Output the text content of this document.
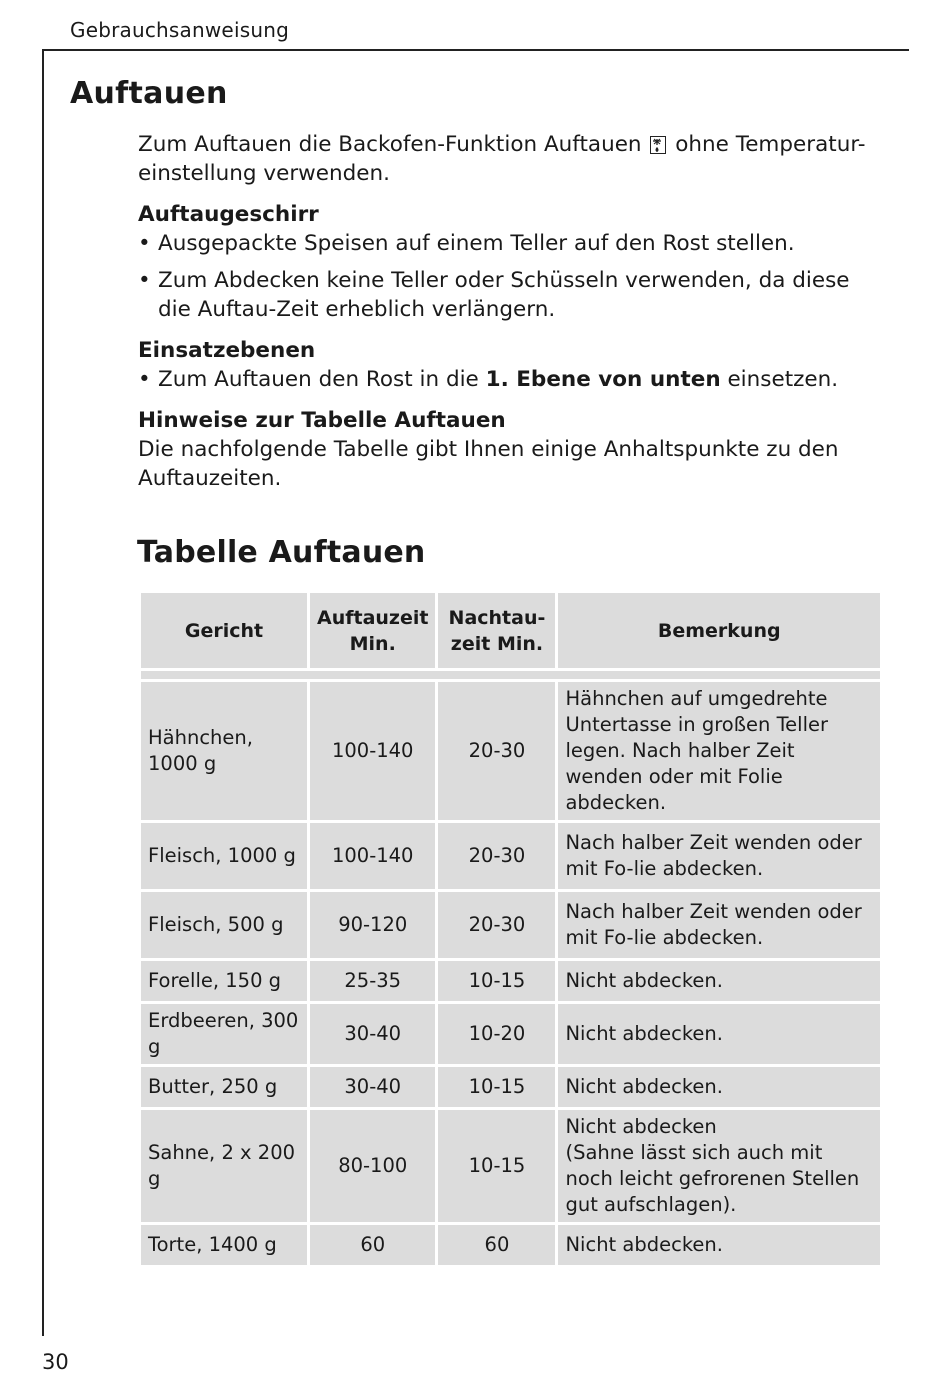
Gebrauchsanweisung
Auftauen

Zum Auftauen die Backofen-Funktion Auftauen ohne Temperatur-einstellung verwenden.

Auftaugeschirr

• Ausgepackte Speisen auf einem Teller auf den Rost stellen.
• Zum Abdecken keine Teller oder Schüsseln verwenden, da diese die Auftau-Zeit erheblich verlängern.

Einsatzebenen

• Zum Auftauen den Rost in die 1. Ebene von unten einsetzen.

Hinweise zur Tabelle Auftauen

Die nachfolgende Tabelle gibt Ihnen einige Anhaltspunkte zu den Auftauzeiten.

Tabelle Auftauen
Gericht	Auftauzeit Min.	Nachtau-zeit Min.	Bemerkung

Hähnchen, 1000 g	100-140	20-30	Hähnchen auf umgedrehte Untertasse in großen Teller legen. Nach halber Zeit wenden oder mit Folie abdecken.
Fleisch, 1000 g	100-140	20-30	Nach halber Zeit wenden oder mit Fo-lie abdecken.
Fleisch, 500 g	90-120	20-30	Nach halber Zeit wenden oder mit Fo-lie abdecken.
Forelle, 150 g	25-35	10-15	Nicht abdecken.
Erdbeeren, 300 g	30-40	10-20	Nicht abdecken.
Butter, 250 g	30-40	10-15	Nicht abdecken.
Sahne, 2 x 200 g	80-100	10-15	Nicht abdecken
(Sahne lässt sich auch mit noch leicht gefrorenen Stellen gut aufschlagen).
Torte, 1400 g	60	60	Nicht abdecken.
30
